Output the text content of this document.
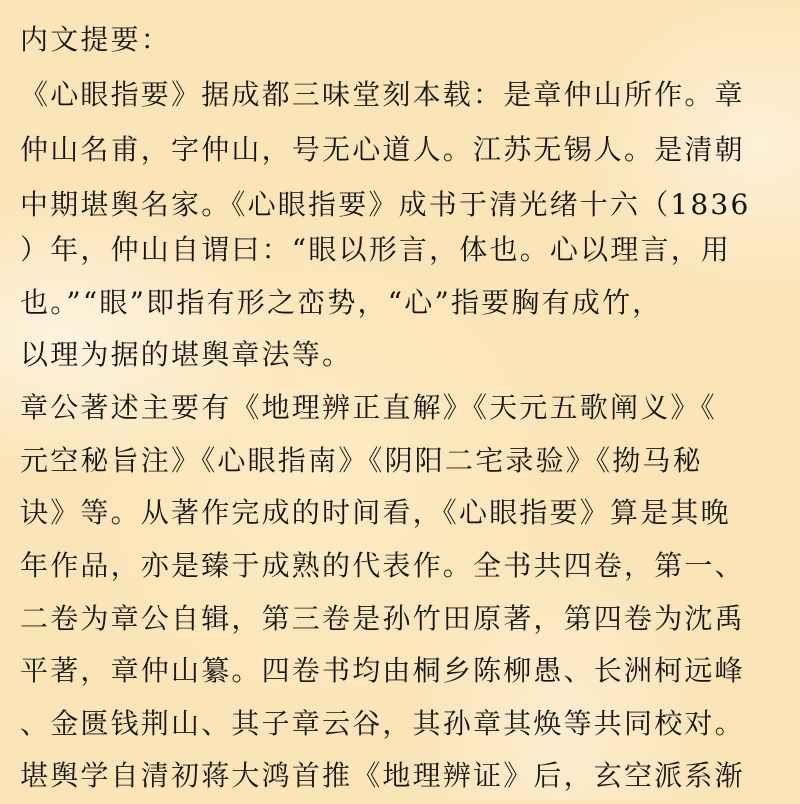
内文提要：
《心眼指要》据成都三味堂刻本载：是章仲山所作。章
仲山名甫，字仲山，号无心道人。江苏无锡人。是清朝
中期堪舆名家。《心眼指要》成书于清光绪十六（1836
）年，仲山自谓曰：“眼以形言，体也。心以理言，用
也。”“眼”即指有形之峦势，“心”指要胸有成竹，
以理为据的堪舆章法等。
章公著述主要有《地理辨正直解》《天元五歌阐义》《
元空秘旨注》《心眼指南》《阴阳二宅录验》《拗马秘
诀》等。从著作完成的时间看，《心眼指要》算是其晚
年作品，亦是臻于成熟的代表作。全书共四卷，第一、
二卷为章公自辑，第三卷是孙竹田原著，第四卷为沈禹
平著，章仲山纂。四卷书均由桐乡陈柳愚、长洲柯远峰
、金匮钱荆山、其子章云谷，其孙章其焕等共同校对。
堪舆学自清初蒋大鸿首推《地理辨证》后，玄空派系渐
